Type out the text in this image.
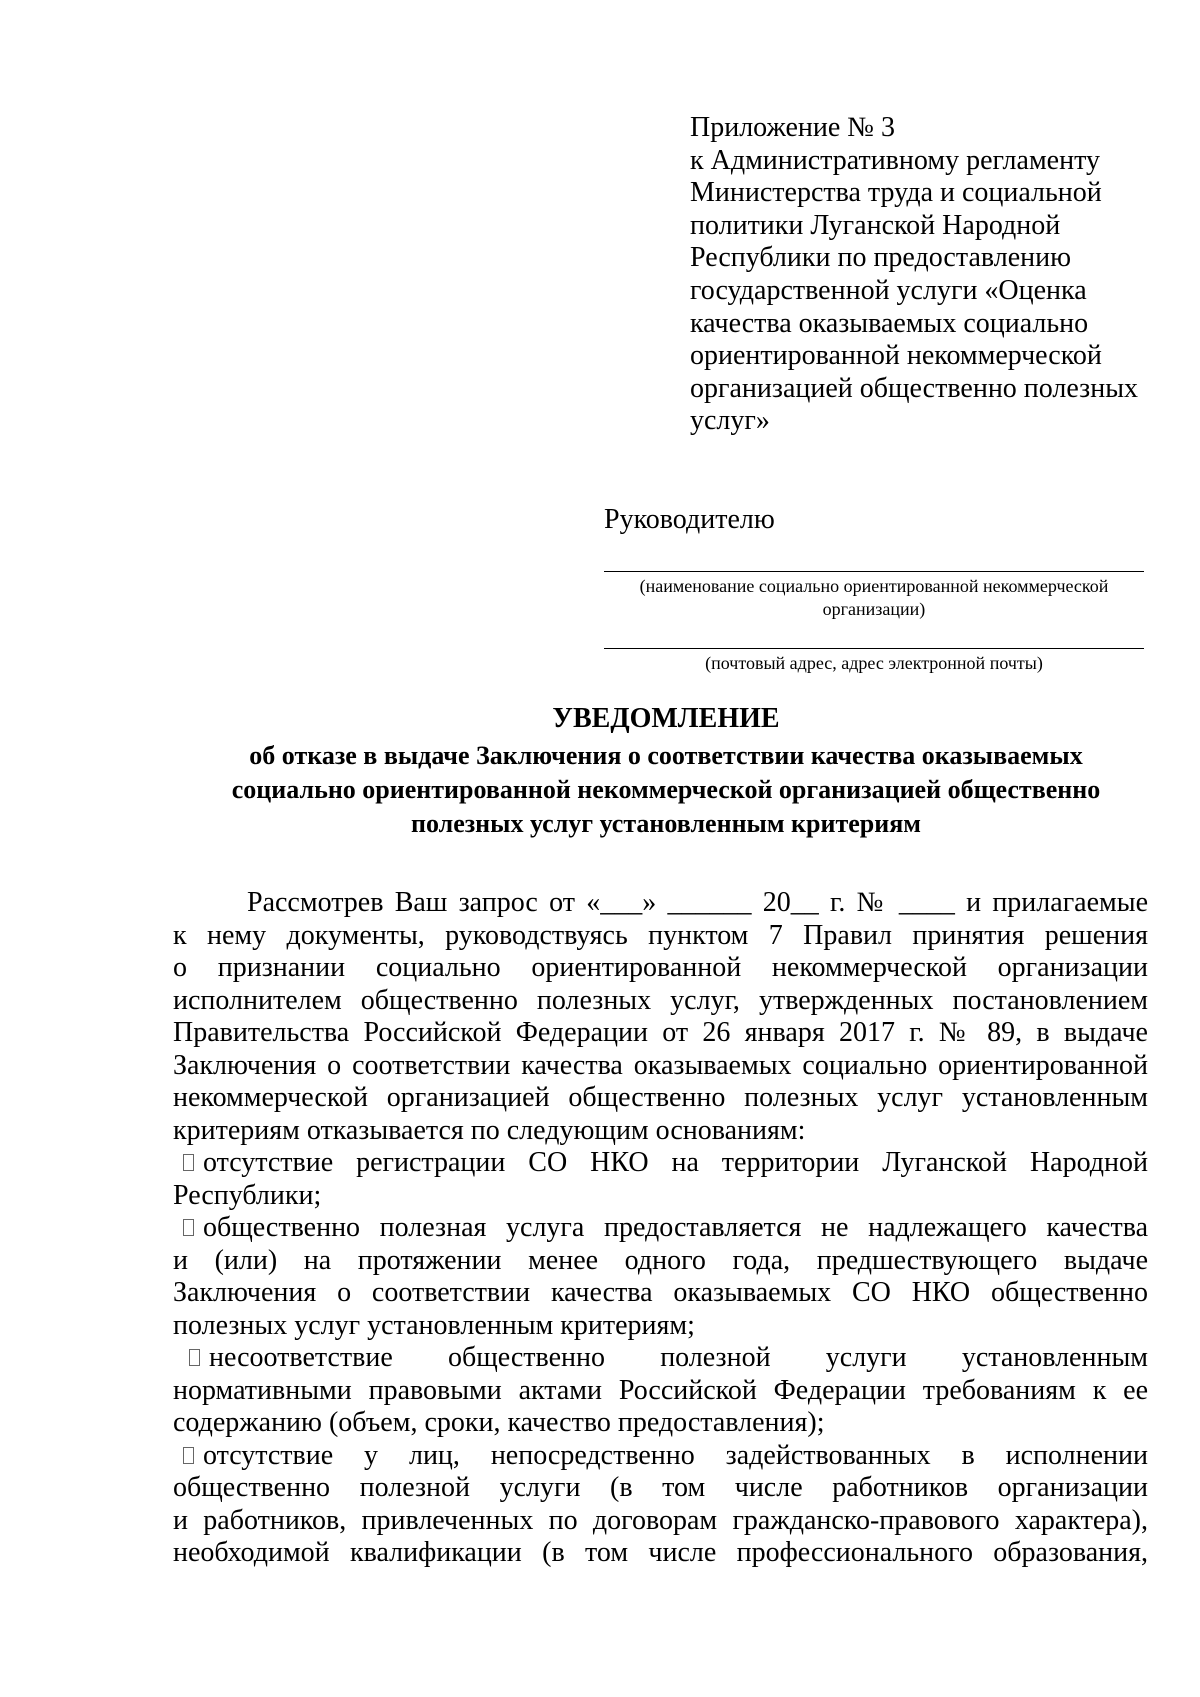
Приложение № 3
к Административному регламенту
Министерства труда и социальной
политики Луганской Народной
Республики по предоставлению
государственной услуги «Оценка
качества оказываемых социально
ориентированной некоммерческой
организацией общественно полезных
услуг»
Руководителю
(наименование социально ориентированной некоммерческой
организации)
(почтовый адрес, адрес электронной почты)
УВЕДОМЛЕНИЕ
об отказе в выдаче Заключения о соответствии качества оказываемых
социально ориентированной некоммерческой организацией общественно
полезных услуг установленным критериям
Рассмотрев Ваш запрос от «___» ______ 20__ г. № ____ и прилагаемые
к нему документы, руководствуясь пунктом 7 Правил принятия решения
о признании социально ориентированной некоммерческой организации
исполнителем общественно полезных услуг, утвержденных постановлением
Правительства Российской Федерации от 26 января 2017 г. № 89, в выдаче
Заключения о соответствии качества оказываемых социально ориентированной
некоммерческой организацией общественно полезных услуг установленным
критериям отказывается по следующим основаниям:
отсутствие регистрации СО НКО на территории Луганской Народной
Республики;
общественно полезная услуга предоставляется не надлежащего качества
и (или) на протяжении менее одного года, предшествующего выдаче
Заключения о соответствии качества оказываемых СО НКО общественно
полезных услуг установленным критериям;
несоответствие общественно полезной услуги установленным
нормативными правовыми актами Российской Федерации требованиям к ее
содержанию (объем, сроки, качество предоставления);
отсутствие у лиц, непосредственно задействованных в исполнении
общественно полезной услуги (в том числе работников организации
и работников, привлеченных по договорам гражданско-правового характера),
необходимой квалификации (в том числе профессионального образования,
